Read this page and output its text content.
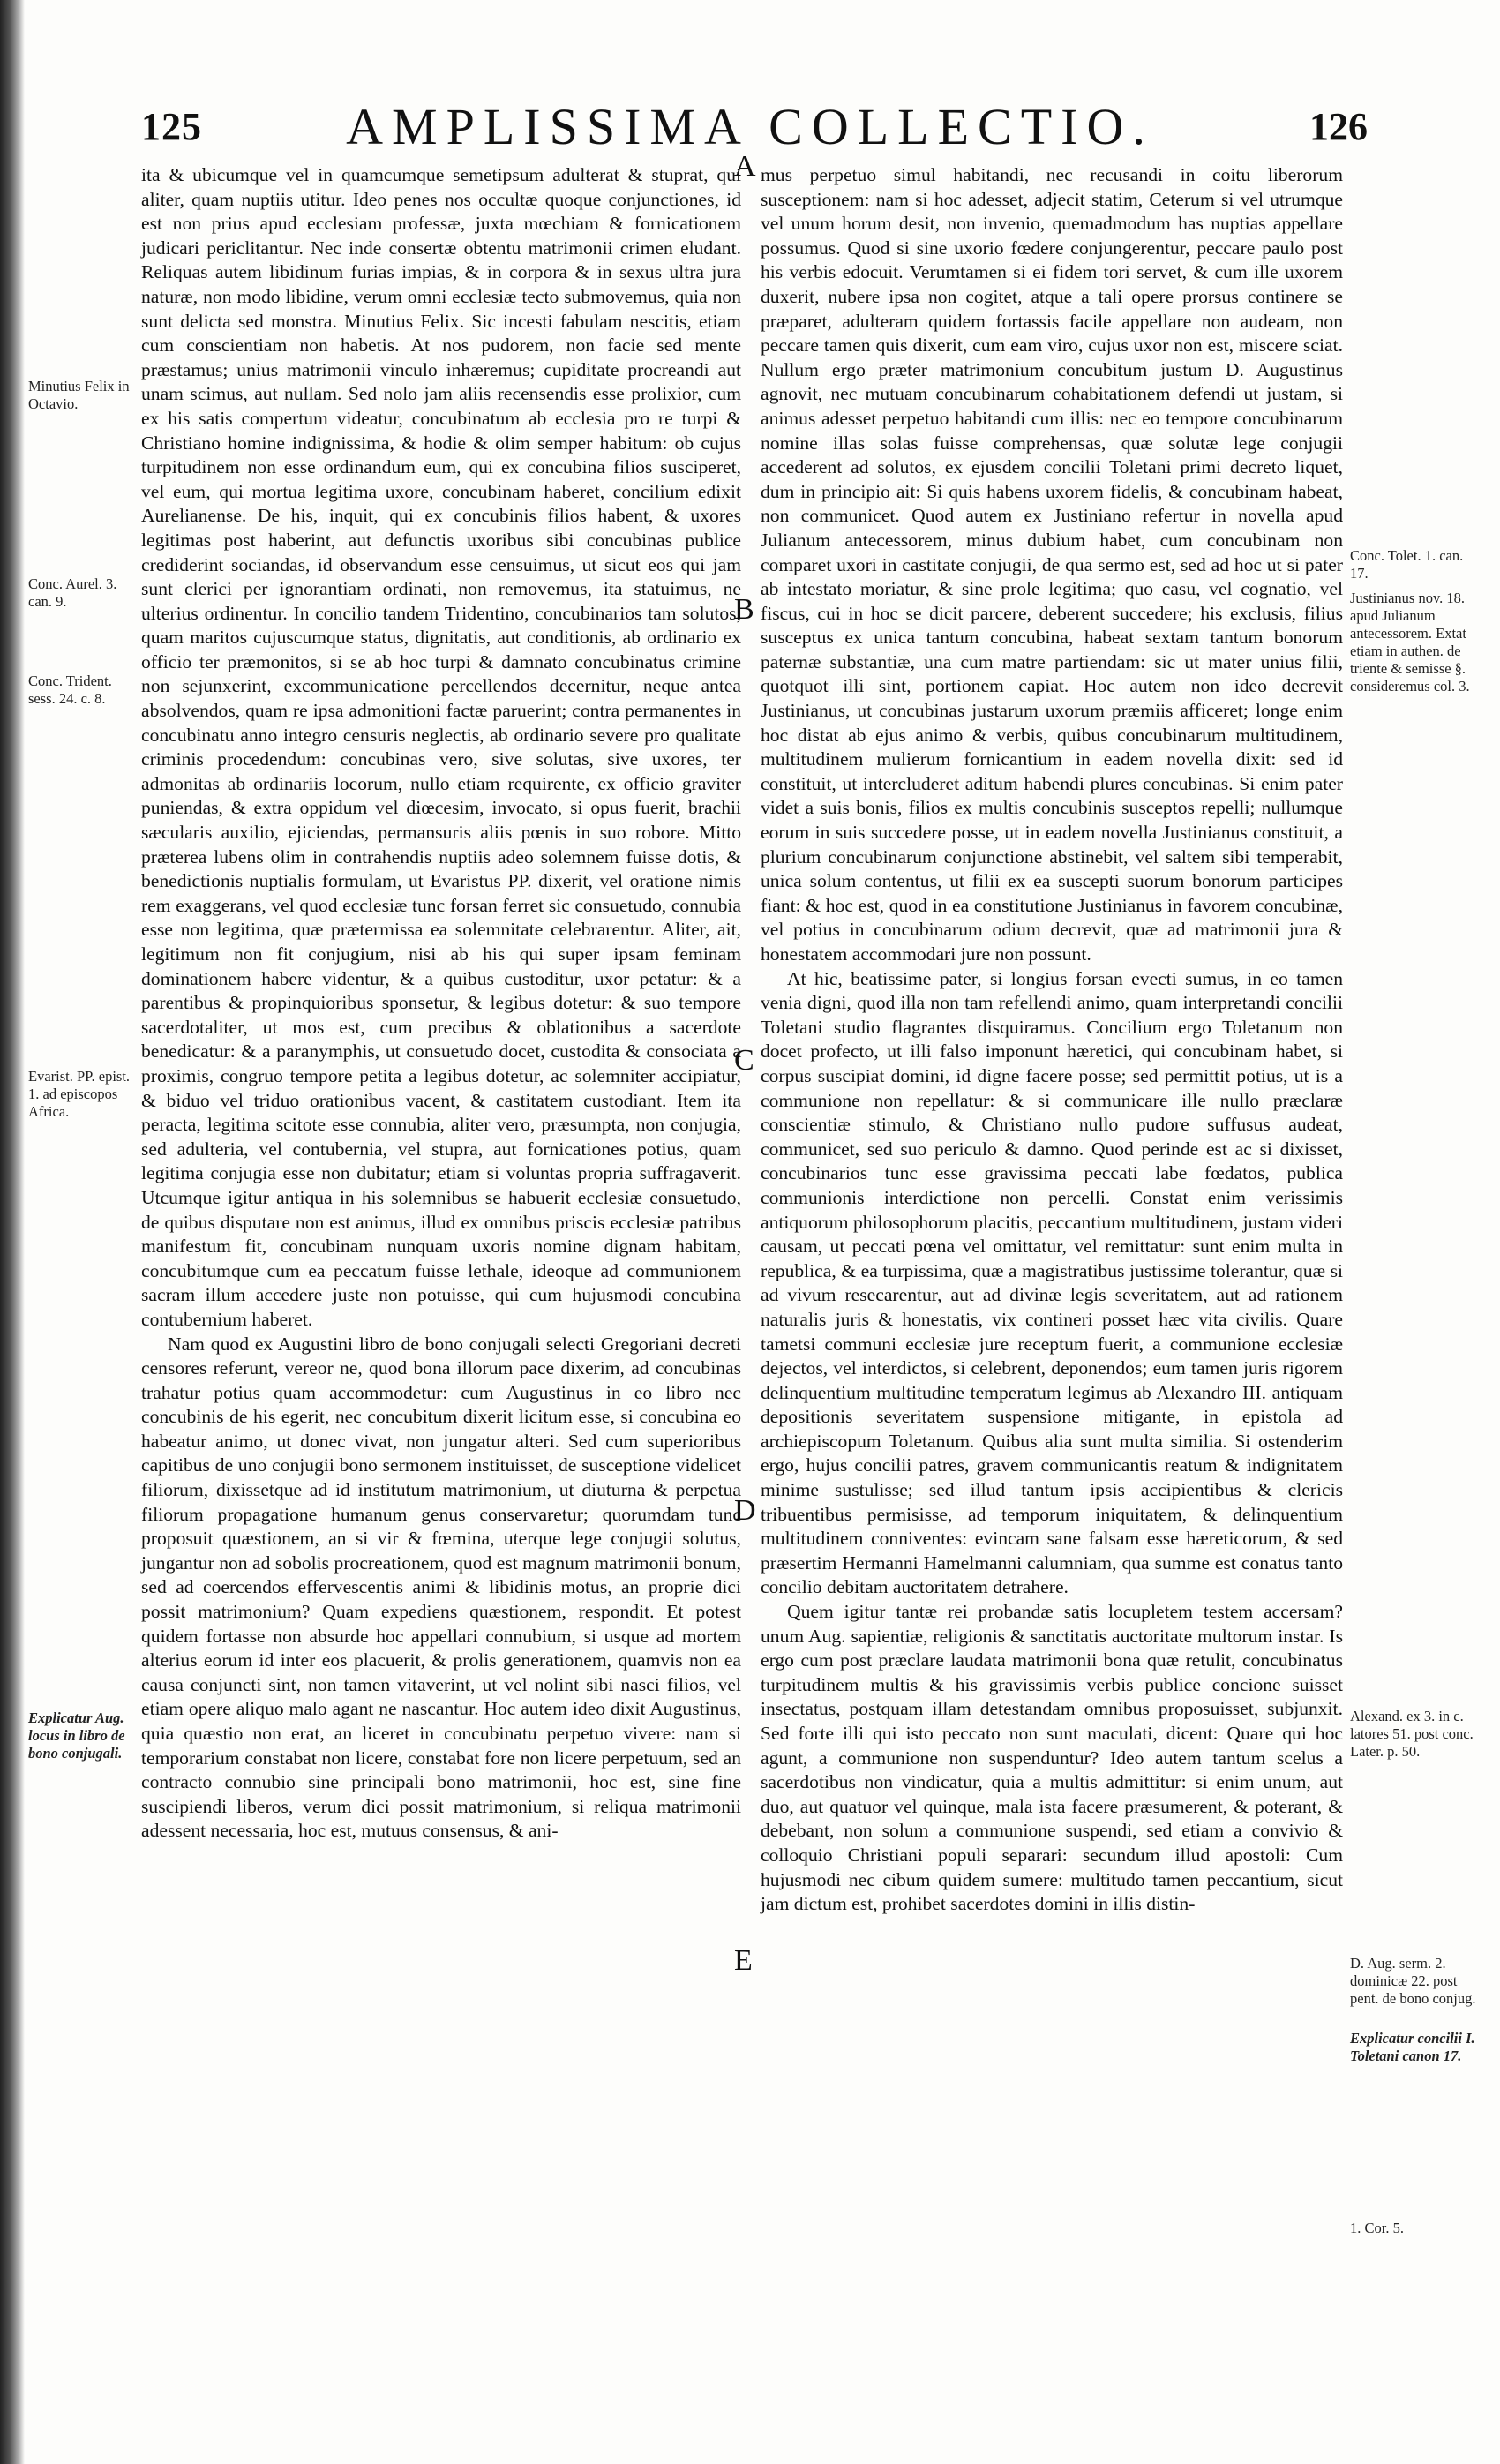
125	AMPLISSIMA COLLECTIO.	126
A
B
C
D
E
Minutius Felix in Octavio.
Conc. Aurel. 3. can. 9.
Conc. Trident. sess. 24. c. 8.
Evarist. PP. epist. 1. ad episcopos Africa.
Explicatur Aug. locus in libro de bono conjugali.
Conc. Tolet. 1. can. 17.
Justinianus nov. 18. apud Julianum antecessorem. Extat etiam in authen. de triente & semisse §. consideremus col. 3.
Alexand. ex 3. in c. latores 51. post conc. Later. p. 50.
D. Aug. serm. 2. dominicæ 22. post pent. de bono conjug.
Explicatur concilii I. Toletani canon 17.
1. Cor. 5.

ita & ubicumque vel in quamcumque semetipsum adulterat & stuprat, qui aliter, quam nuptiis utitur. Ideo penes nos occultæ quoque conjunctiones, id est non prius apud ecclesiam professæ, juxta mœchiam & fornicationem judicari periclitantur. Nec inde consertæ obtentu matrimonii crimen eludant. Reliquas autem libidinum furias impias, & in corpora & in sexus ultra jura naturæ, non modo libidine, verum omni ecclesiæ tecto submovemus, quia non sunt delicta sed monstra. Minutius Felix. Sic incesti fabulam nescitis, etiam cum conscientiam non habetis. At nos pudorem, non facie sed mente præstamus; unius matrimonii vinculo inhæremus; cupiditate procreandi aut unam scimus, aut nullam. Sed nolo jam aliis recensendis esse prolixior, cum ex his satis compertum videatur, concubinatum ab ecclesia pro re turpi & Christiano homine indignissima, & hodie & olim semper habitum: ob cujus turpitudinem non esse ordinandum eum, qui ex concubina filios susciperet, vel eum, qui mortua legitima uxore, concubinam haberet, concilium edixit Aurelianense. De his, inquit, qui ex concubinis filios habent, & uxores legitimas post haberint, aut defunctis uxoribus sibi concubinas publice crediderint sociandas, id observandum esse censuimus, ut sicut eos qui jam sunt clerici per ignorantiam ordinati, non removemus, ita statuimus, ne ulterius ordinentur. In concilio tandem Tridentino, concubinarios tam solutos, quam maritos cujuscumque status, dignitatis, aut conditionis, ab ordinario ex officio ter præmonitos, si se ab hoc turpi & damnato concubinatus crimine non sejunxerint, excommunicatione percellendos decernitur, neque antea absolvendos, quam re ipsa admonitioni factæ paruerint; contra permanentes in concubinatu anno integro censuris neglectis, ab ordinario severe pro qualitate criminis procedendum: concubinas vero, sive solutas, sive uxores, ter admonitas ab ordinariis locorum, nullo etiam requirente, ex officio graviter puniendas, & extra oppidum vel diœcesim, invocato, si opus fuerit, brachii sæcularis auxilio, ejiciendas, permansuris aliis pœnis in suo robore. Mitto præterea lubens olim in contrahendis nuptiis adeo solemnem fuisse dotis, & benedictionis nuptialis formulam, ut Evaristus PP. dixerit, vel oratione nimis rem exaggerans, vel quod ecclesiæ tunc forsan ferret sic consuetudo, connubia esse non legitima, quæ prætermissa ea solemnitate celebrarentur. Aliter, ait, legitimum non fit conjugium, nisi ab his qui super ipsam feminam dominationem habere videntur, & a quibus custoditur, uxor petatur: & a parentibus & propinquioribus sponsetur, & legibus dotetur: & suo tempore sacerdotaliter, ut mos est, cum precibus & oblationibus a sacerdote benedicatur: & a paranymphis, ut consuetudo docet, custodita & consociata a proximis, congruo tempore petita a legibus dotetur, ac solemniter accipiatur, & biduo vel triduo orationibus vacent, & castitatem custodiant. Item ita peracta, legitima scitote esse connubia, aliter vero, præsumpta, non conjugia, sed adulteria, vel contubernia, vel stupra, aut fornicationes potius, quam legitima conjugia esse non dubitatur; etiam si voluntas propria suffragaverit. Utcumque igitur antiqua in his solemnibus se habuerit ecclesiæ consuetudo, de quibus disputare non est animus, illud ex omnibus priscis ecclesiæ patribus manifestum fit, concubinam nunquam uxoris nomine dignam habitam, concubitumque cum ea peccatum fuisse lethale, ideoque ad communionem sacram illum accedere juste non potuisse, qui cum hujusmodi concubina contubernium haberet.

Nam quod ex Augustini libro de bono conjugali selecti Gregoriani decreti censores referunt, vereor ne, quod bona illorum pace dixerim, ad concubinas trahatur potius quam accommodetur: cum Augustinus in eo libro nec concubinis de his egerit, nec concubitum dixerit licitum esse, si concubina eo habeatur animo, ut donec vivat, non jungatur alteri. Sed cum superioribus capitibus de uno conjugii bono sermonem instituisset, de susceptione videlicet filiorum, dixissetque ad id institutum matrimonium, ut diuturna & perpetua filiorum propagatione humanum genus conservaretur; quorumdam tunc proposuit quæstionem, an si vir & fœmina, uterque lege conjugii solutus, jungantur non ad sobolis procreationem, quod est magnum matrimonii bonum, sed ad coercendos effervescentis animi & libidinis motus, an proprie dici possit matrimonium? Quam expediens quæstionem, respondit. Et potest quidem fortasse non absurde hoc appellari connubium, si usque ad mortem alterius eorum id inter eos placuerit, & prolis generationem, quamvis non ea causa conjuncti sint, non tamen vitaverint, ut vel nolint sibi nasci filios, vel etiam opere aliquo malo agant ne nascantur. Hoc autem ideo dixit Augustinus, quia quæstio non erat, an liceret in concubinatu perpetuo vivere: nam si temporarium constabat non licere, constabat fore non licere perpetuum, sed an contracto connubio sine principali bono matrimonii, hoc est, sine fine suscipiendi liberos, verum dici possit matrimonium, si reliqua matrimonii adessent necessaria, hoc est, mutuus consensus, & ani-

mus perpetuo simul habitandi, nec recusandi in coitu liberorum susceptionem: nam si hoc adesset, adjecit statim, Ceterum si vel utrumque vel unum horum desit, non invenio, quemadmodum has nuptias appellare possumus. Quod si sine uxorio fœdere conjungerentur, peccare paulo post his verbis edocuit. Verumtamen si ei fidem tori servet, & cum ille uxorem duxerit, nubere ipsa non cogitet, atque a tali opere prorsus continere se præparet, adulteram quidem fortassis facile appellare non audeam, non peccare tamen quis dixerit, cum eam viro, cujus uxor non est, miscere sciat. Nullum ergo præter matrimonium concubitum justum D. Augustinus agnovit, nec mutuam concubinarum cohabitationem defendi ut justam, si animus adesset perpetuo habitandi cum illis: nec eo tempore concubinarum nomine illas solas fuisse comprehensas, quæ solutæ lege conjugii accederent ad solutos, ex ejusdem concilii Toletani primi decreto liquet, dum in principio ait: Si quis habens uxorem fidelis, & concubinam habeat, non communicet. Quod autem ex Justiniano refertur in novella apud Julianum antecessorem, minus dubium habet, cum concubinam non comparet uxori in castitate conjugii, de qua sermo est, sed ad hoc ut si pater ab intestato moriatur, & sine prole legitima; quo casu, vel cognatio, vel fiscus, cui in hoc se dicit parcere, deberent succedere; his exclusis, filius susceptus ex unica tantum concubina, habeat sextam tantum bonorum paternæ substantiæ, una cum matre partiendam: sic ut mater unius filii, quotquot illi sint, portionem capiat. Hoc autem non ideo decrevit Justinianus, ut concubinas justarum uxorum præmiis afficeret; longe enim hoc distat ab ejus animo & verbis, quibus concubinarum multitudinem, multitudinem mulierum fornicantium in eadem novella dixit: sed id constituit, ut intercluderet aditum habendi plures concubinas. Si enim pater videt a suis bonis, filios ex multis concubinis susceptos repelli; nullumque eorum in suis succedere posse, ut in eadem novella Justinianus constituit, a plurium concubinarum conjunctione abstinebit, vel saltem sibi temperabit, unica solum contentus, ut filii ex ea suscepti suorum bonorum participes fiant: & hoc est, quod in ea constitutione Justinianus in favorem concubinæ, vel potius in concubinarum odium decrevit, quæ ad matrimonii jura & honestatem accommodari jure non possunt.

At hic, beatissime pater, si longius forsan evecti sumus, in eo tamen venia digni, quod illa non tam refellendi animo, quam interpretandi concilii Toletani studio flagrantes disquiramus. Concilium ergo Toletanum non docet profecto, ut illi falso imponunt hæretici, qui concubinam habet, si corpus suscipiat domini, id digne facere posse; sed permittit potius, ut is a communione non repellatur: & si communicare ille nullo præclaræ conscientiæ stimulo, & Christiano nullo pudore suffusus audeat, communicet, sed suo periculo & damno. Quod perinde est ac si dixisset, concubinarios tunc esse gravissima peccati labe fœdatos, publica communionis interdictione non percelli. Constat enim verissimis antiquorum philosophorum placitis, peccantium multitudinem, justam videri causam, ut peccati pœna vel omittatur, vel remittatur: sunt enim multa in republica, & ea turpissima, quæ a magistratibus justissime tolerantur, quæ si ad vivum resecarentur, aut ad divinæ legis severitatem, aut ad rationem naturalis juris & honestatis, vix contineri posset hæc vita civilis. Quare tametsi communi ecclesiæ jure receptum fuerit, a communione ecclesiæ dejectos, vel interdictos, si celebrent, deponendos; eum tamen juris rigorem delinquentium multitudine temperatum legimus ab Alexandro III. antiquam depositionis severitatem suspensione mitigante, in epistola ad archiepiscopum Toletanum. Quibus alia sunt multa similia. Si ostenderim ergo, hujus concilii patres, gravem communicantis reatum & indignitatem minime sustulisse; sed illud tantum ipsis accipientibus & clericis tribuentibus permisisse, ad temporum iniquitatem, & delinquentium multitudinem conniventes: evincam sane falsam esse hæreticorum, & sed præsertim Hermanni Hamelmanni calumniam, qua summe est conatus tanto concilio debitam auctoritatem detrahere.

Quem igitur tantæ rei probandæ satis locupletem testem accersam? unum Aug. sapientiæ, religionis & sanctitatis auctoritate multorum instar. Is ergo cum post præclare laudata matrimonii bona quæ retulit, concubinatus turpitudinem multis & his gravissimis verbis publice concione suisset insectatus, postquam illam detestandam omnibus proposuisset, subjunxit. Sed forte illi qui isto peccato non sunt maculati, dicent: Quare qui hoc agunt, a communione non suspenduntur? Ideo autem tantum scelus a sacerdotibus non vindicatur, quia a multis admittitur: si enim unum, aut duo, aut quatuor vel quinque, mala ista facere præsumerent, & poterant, & debebant, non solum a communione suspendi, sed etiam a convivio & colloquio Christiani populi separari: secundum illud apostoli: Cum hujusmodi nec cibum quidem sumere: multitudo tamen peccantium, sicut jam dictum est, prohibet sacerdotes domini in illis distin-
